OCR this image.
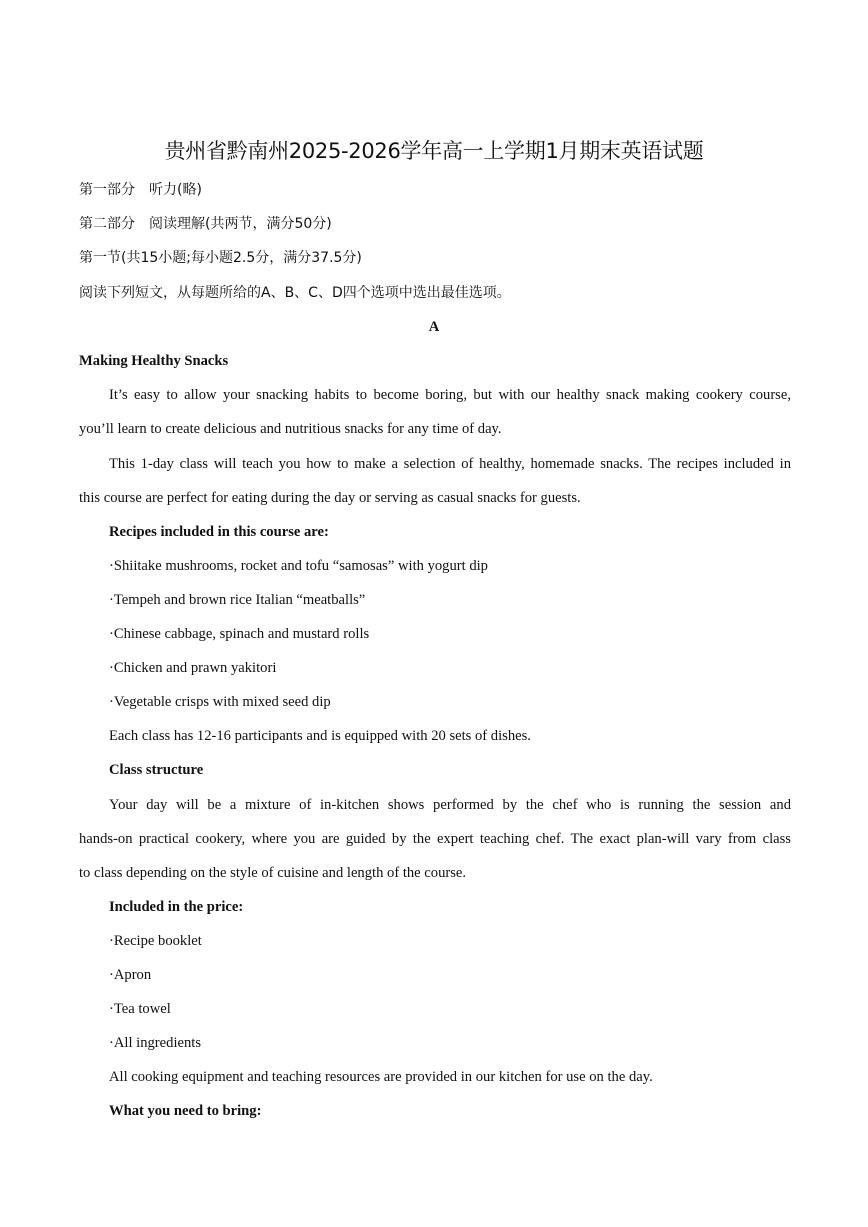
贵州省黔南州2025-2026学年高一上学期1月期末英语试题
第一部分　听力(略)
第二部分　阅读理解(共两节，满分50分)
第一节(共15小题;每小题2.5分，满分37.5分)
阅读下列短文，从每题所给的A、B、C、D四个选项中选出最佳选项。
A
Making Healthy Snacks
It’s easy to allow your snacking habits to become boring, but with our healthy snack making cookery course,
you’ll learn to create delicious and nutritious snacks for any time of day.
This 1-day class will teach you how to make a selection of healthy, homemade snacks. The recipes included in
this course are perfect for eating during the day or serving as casual snacks for guests.
Recipes included in this course are:
·Shiitake mushrooms, rocket and tofu “samosas” with yogurt dip
·Tempeh and brown rice Italian “meatballs”
·Chinese cabbage, spinach and mustard rolls
·Chicken and prawn yakitori
·Vegetable crisps with mixed seed dip
Each class has 12-16 participants and is equipped with 20 sets of dishes.
Class structure
Your day will be a mixture of in-kitchen shows performed by the chef who is running the session and
hands-on practical cookery, where you are guided by the expert teaching chef. The exact plan-will vary from class
to class depending on the style of cuisine and length of the course.
Included in the price:
·Recipe booklet
·Apron
·Tea towel
·All ingredients
All cooking equipment and teaching resources are provided in our kitchen for use on the day.
What you need to bring:
